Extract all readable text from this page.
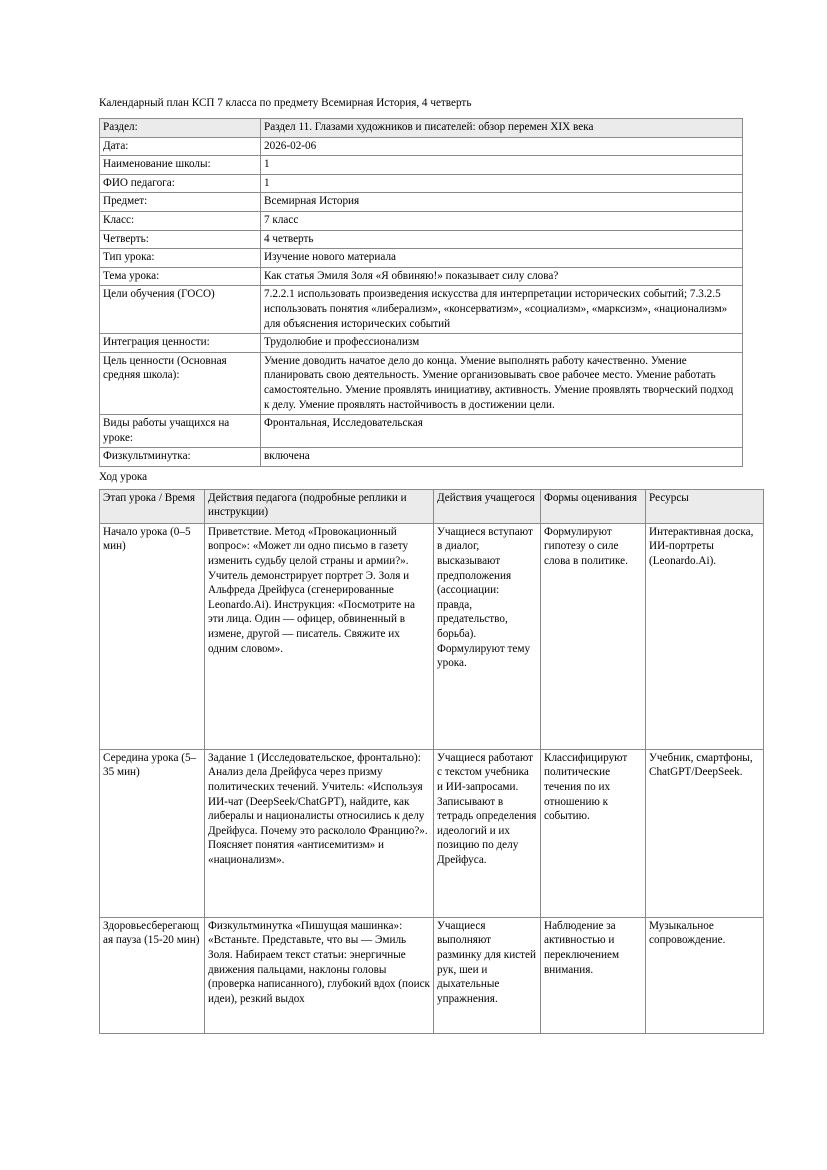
Календарный план КСП 7 класса по предмету Всемирная История, 4 четверть
Раздел:	Раздел 11. Глазами художников и писателей: обзор перемен XIX века
Дата:	2026-02-06
Наименование школы:	1
ФИО педагога:	1
Предмет:	Всемирная История
Класс:	7 класс
Четверть:	4 четверть
Тип урока:	Изучение нового материала
Тема урока:	Как статья Эмиля Золя «Я обвиняю!» показывает силу слова?
Цели обучения (ГОСО)	7.2.2.1 использовать произведения искусства для интерпретации исторических событий; 7.3.2.5 использовать понятия «либерализм», «консерватизм», «социализм», «марксизм», «национализм» для объяснения исторических событий
Интеграция ценности:	Трудолюбие и профессионализм
Цель ценности (Основная средняя школа):	Умение доводить начатое дело до конца. Умение выполнять работу качественно. Умение планировать свою деятельность. Умение организовывать свое рабочее место. Умение работать самостоятельно. Умение проявлять инициативу, активность. Умение проявлять творческий подход к делу. Умение проявлять настойчивость в достижении цели.
Виды работы учащихся на уроке:	Фронтальная, Исследовательская
Физкультминутка:	включена
Ход урока
Этап урока / Время	Действия педагога (подробные реплики и инструкции)	Действия учащегося	Формы оценивания	Ресурсы
Начало урока (0–5 мин)	Приветствие. Метод «Провокационный вопрос»: «Может ли одно письмо в газету изменить судьбу целой страны и армии?». Учитель демонстрирует портрет Э. Золя и Альфреда Дрейфуса (сгенерированные Leonardo.Ai). Инструкция: «Посмотрите на эти лица. Один — офицер, обвиненный в измене, другой — писатель. Свяжите их одним словом».	Учащиеся вступают в диалог, высказывают предположения (ассоциации: правда, предательство, борьба). Формулируют тему урока.	Формулируют гипотезу о силе слова в политике.	Интерактивная доска, ИИ-портреты (Leonardo.Ai).
Середина урока (5–35 мин)	Задание 1 (Исследовательское, фронтально): Анализ дела Дрейфуса через призму политических течений. Учитель: «Используя ИИ-чат (DeepSeek/ChatGPT), найдите, как либералы и националисты относились к делу Дрейфуса. Почему это раскололо Францию?». Поясняет понятия «антисемитизм» и «национализм».	Учащиеся работают с текстом учебника и ИИ-запросами. Записывают в тетрадь определения идеологий и их позицию по делу Дрейфуса.	Классифицируют политические течения по их отношению к событию.	Учебник, смартфоны, ChatGPT/DeepSeek.
Здоровьесберегающая пауза (15-20 мин)	Физкультминутка «Пишущая машинка»: «Встаньте. Представьте, что вы — Эмиль Золя. Набираем текст статьи: энергичные движения пальцами, наклоны головы (проверка написанного), глубокий вдох (поиск идеи), резкий выдох	Учащиеся выполняют разминку для кистей рук, шеи и дыхательные упражнения.	Наблюдение за активностью и переключением внимания.	Музыкальное сопровождение.
